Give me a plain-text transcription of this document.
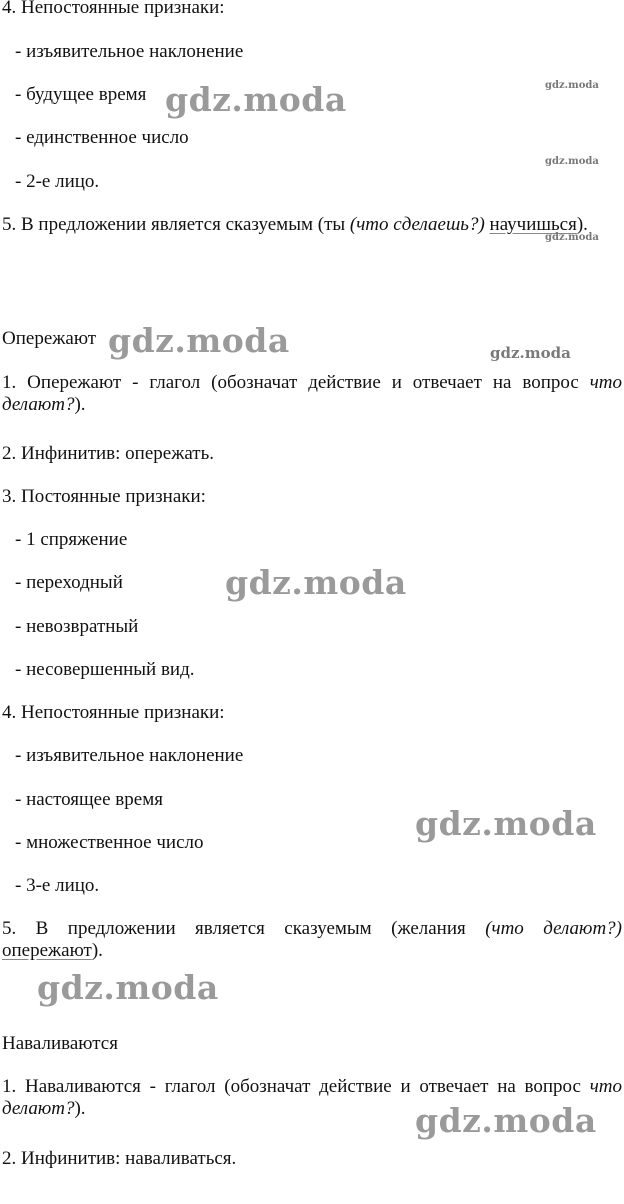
4. Непостоянные признаки:
- изъявительное наклонение
- будущее время
- единственное число
- 2-е лицо.
5. В предложении является сказуемым (ты (что сделаешь?) научишься).
Опережают
1. Опережают - глагол (обозначат действие и отвечает на вопрос что делают?).
2. Инфинитив: опережать.
3. Постоянные признаки:
- 1 спряжение
- переходный
- невозвратный
- несовершенный вид.
4. Непостоянные признаки:
- изъявительное наклонение
- настоящее время
- множественное число
- 3-е лицо.
5. В предложении является сказуемым (желания (что делают?) опережают).
Наваливаются
1. Наваливаются - глагол (обозначат действие и отвечает на вопрос что делают?).
2. Инфинитив: наваливаться.
gdz.moda	gdz.moda
gdz.moda
gdz.moda
gdz.moda	gdz.moda
gdz.moda
gdz.moda
gdz.moda
gdz.moda
